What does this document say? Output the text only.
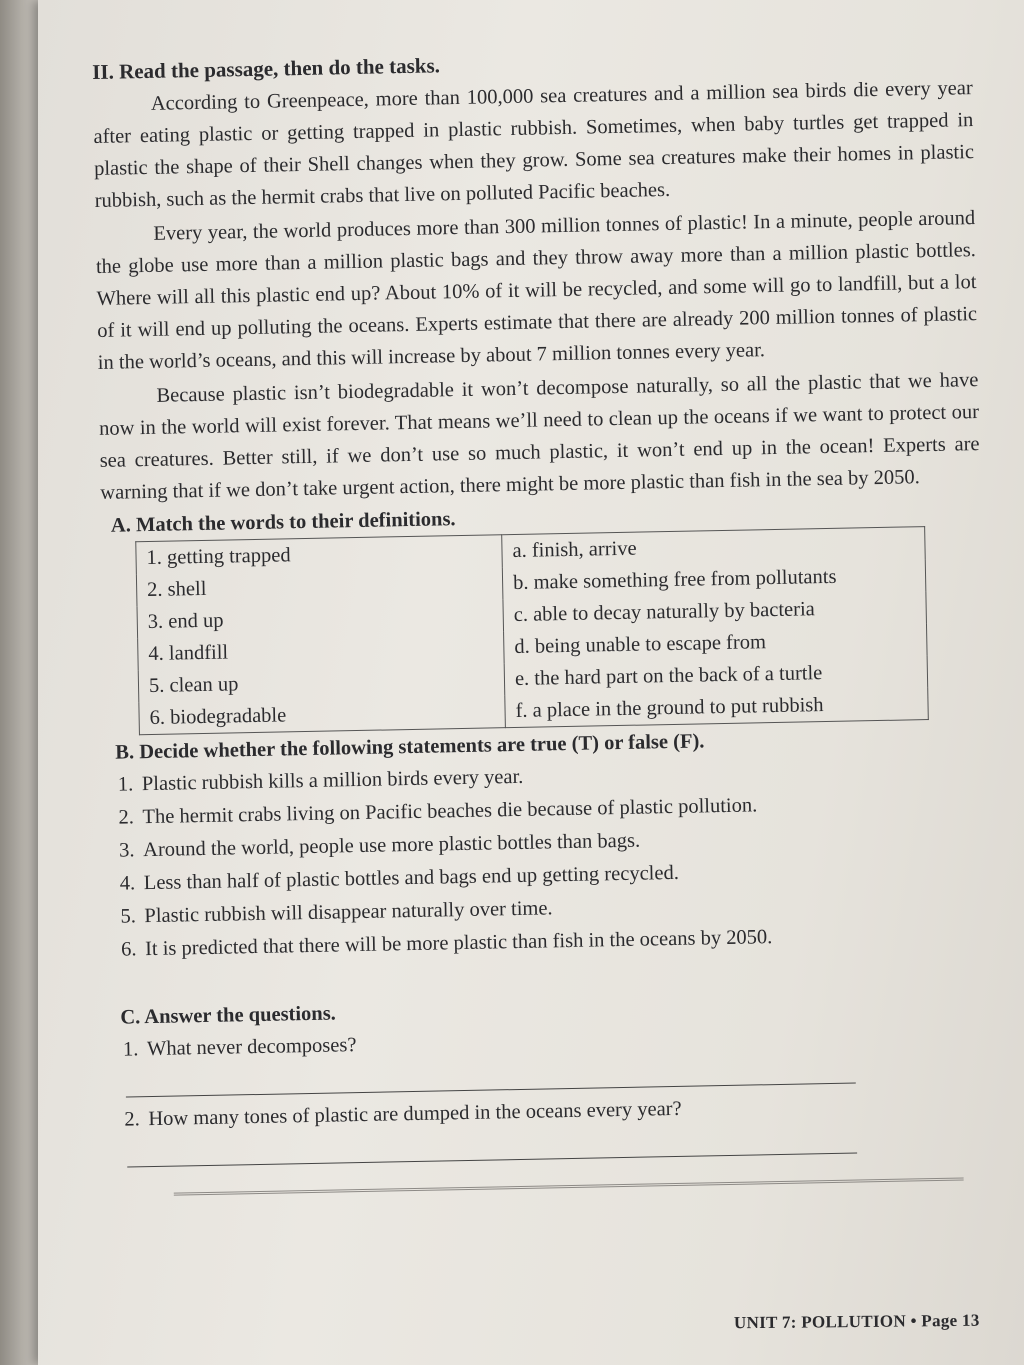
II. Read the passage, then do the tasks.

According to Greenpeace, more than 100,000 sea creatures and a million sea birds die every year after eating plastic or getting trapped in plastic rubbish. Sometimes, when baby turtles get trapped in plastic the shape of their Shell changes when they grow. Some sea creatures make their homes in plastic rubbish, such as the hermit crabs that live on polluted Pacific beaches.

Every year, the world produces more than 300 million tonnes of plastic! In a minute, people around the globe use more than a million plastic bags and they throw away more than a million plastic bottles. Where will all this plastic end up? About 10% of it will be recycled, and some will go to landfill, but a lot of it will end up polluting the oceans. Experts estimate that there are already 200 million tonnes of plastic in the world’s oceans, and this will increase by about 7 million tonnes every year.

Because plastic isn’t biodegradable it won’t decompose naturally, so all the plastic that we have now in the world will exist forever. That means we’ll need to clean up the oceans if we want to protect our sea creatures. Better still, if we don’t use so much plastic, it won’t end up in the ocean! Experts are warning that if we don’t take urgent action, there might be more plastic than fish in the sea by 2050.

A. Match the words to their definitions.
1. getting trapped	a. finish, arrive
2. shell	b. make something free from pollutants
3. end up	c. able to decay naturally by bacteria
4. landfill	d. being unable to escape from
5. clean up	e. the hard part on the back of a turtle
6. biodegradable	f. a place in the ground to put rubbish
B. Decide whether the following statements are true (T) or false (F).
1. Plastic rubbish kills a million birds every year.
2. The hermit crabs living on Pacific beaches die because of plastic pollution.
3. Around the world, people use more plastic bottles than bags.
4. Less than half of plastic bottles and bags end up getting recycled.
5. Plastic rubbish will disappear naturally over time.
6. It is predicted that there will be more plastic than fish in the oceans by 2050.
C. Answer the questions.
1. What never decomposes?
2. How many tones of plastic are dumped in the oceans every year?
UNIT 7: POLLUTION • Page 13
